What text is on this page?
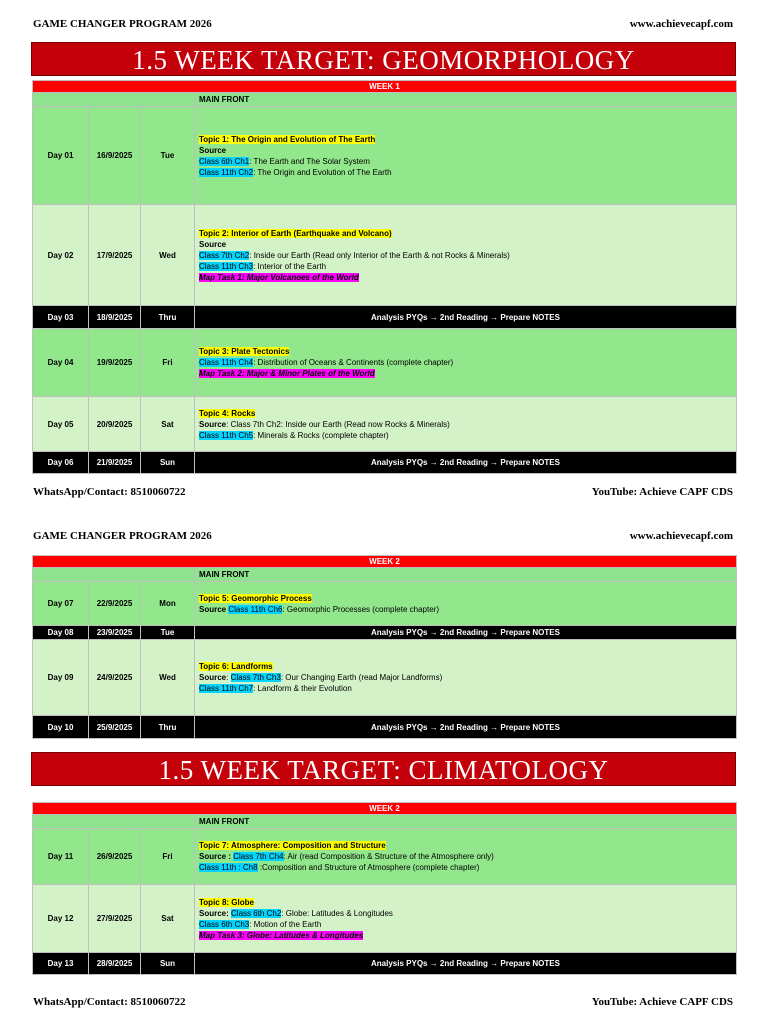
GAME CHANGER PROGRAM 2026	www.achievecapf.com
1.5 WEEK TARGET: GEOMORPHOLOGY
WEEK 1			
			MAIN FRONT
Day 01	16/9/2025	Tue	Topic 1: The Origin and Evolution of The Earth
Source
Class 6th Ch1: The Earth and The Solar System
Class 11th Ch2: The Origin and Evolution of The Earth

Day 02	17/9/2025	Wed	Topic 2: Interior of Earth (Earthquake and Volcano)
Source
Class 7th Ch2: Inside our Earth (Read only Interior of the Earth & not Rocks & Minerals)
Class 11th Ch3: Interior of the Earth
Map Task 1: Major Volcanoes of the World

Day 03	18/9/2025	Thru	Analysis PYQs → 2nd Reading → Prepare NOTES
Day 04	19/9/2025	Fri	Topic 3: Plate Tectonics
Class 11th Ch4: Distribution of Oceans & Continents (complete chapter)
Map Task 2: Major & Minor Plates of the World

Day 05	20/9/2025	Sat	Topic 4: Rocks
Source: Class 7th Ch2: Inside our Earth (Read now Rocks & Minerals)
Class 11th Ch5: Minerals & Rocks (complete chapter)

Day 06	21/9/2025	Sun	Analysis PYQs → 2nd Reading → Prepare NOTES
WhatsApp/Contact: 8510060722	YouTube: Achieve CAPF CDS
GAME CHANGER PROGRAM 2026	www.achievecapf.com
WEEK 2			
			MAIN FRONT
Day 07	22/9/2025	Mon	Topic 5: Geomorphic Process
Source Class 11th Ch6: Geomorphic Processes (complete chapter)

Day 08	23/9/2025	Tue	Analysis PYQs → 2nd Reading → Prepare NOTES
Day 09	24/9/2025	Wed	Topic 6: Landforms
Source: Class 7th Ch3: Our Changing Earth (read Major Landforms)
Class 11th Ch7: Landform & their Evolution

Day 10	25/9/2025	Thru	Analysis PYQs → 2nd Reading → Prepare NOTES
1.5 WEEK TARGET: CLIMATOLOGY
WEEK 2			
			MAIN FRONT
Day 11	26/9/2025	Fri	Topic 7: Atmosphere: Composition and Structure
Source : Class 7th Ch4: Air (read Composition & Structure of the Atmosphere only)
Class 11th : Ch8 :Composition and Structure of Atmosphere (complete chapter)

Day 12	27/9/2025	Sat	Topic 8: Globe
Source: Class 6th Ch2: Globe: Latitudes & Longitudes
Class 6th Ch3: Motion of the Earth
Map Task 3: Globe: Latitudes & Longitudes

Day 13	28/9/2025	Sun	Analysis PYQs → 2nd Reading → Prepare NOTES
WhatsApp/Contact: 8510060722	YouTube: Achieve CAPF CDS
